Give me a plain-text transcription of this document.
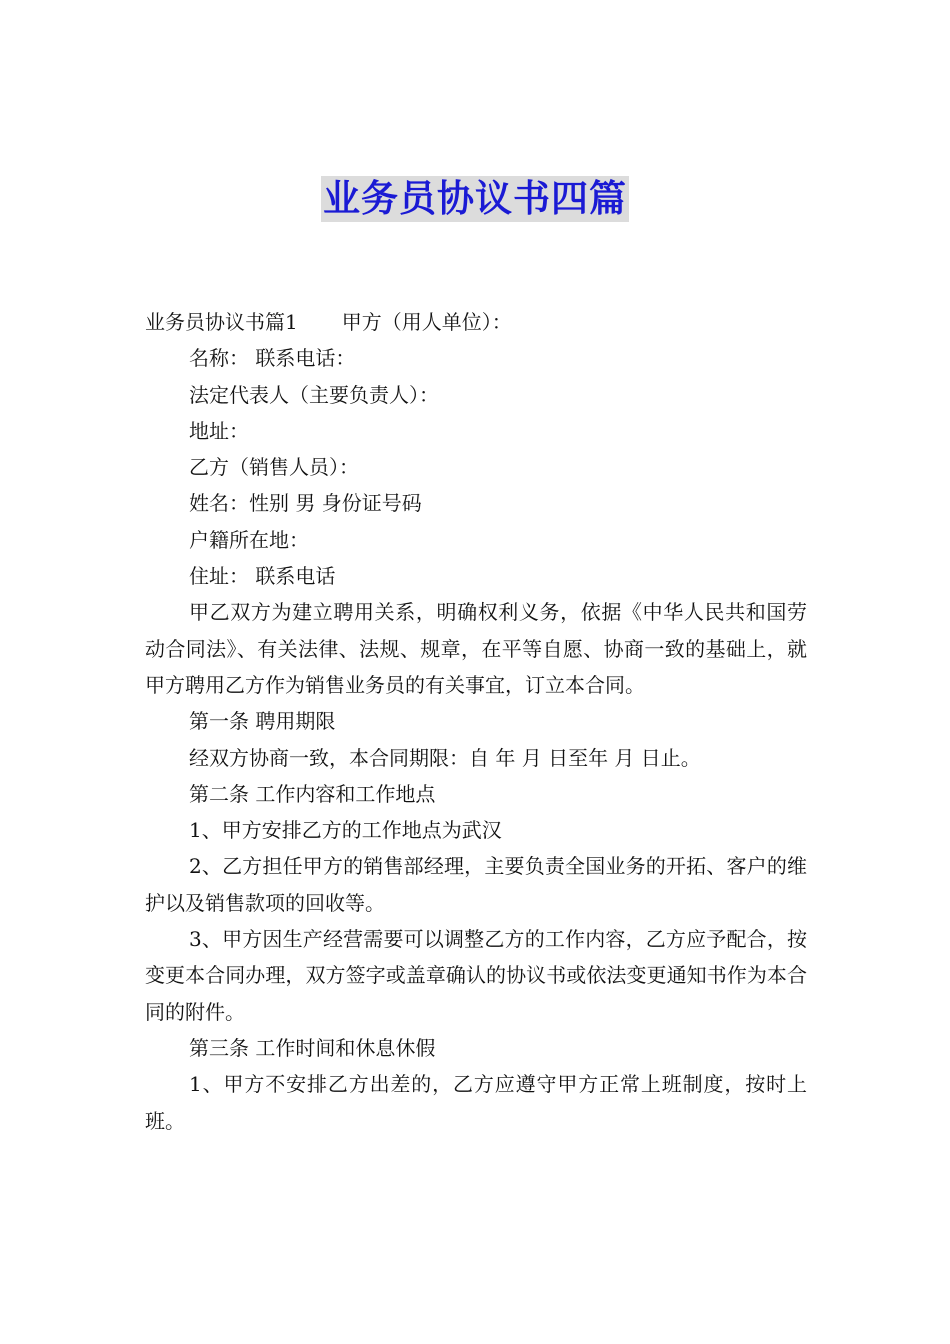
业务员协议书四篇

业务员协议书篇1 甲方（用人单位）：

名称： 联系电话：

法定代表人（主要负责人）：

地址：

乙方（销售人员）：

姓名：性别 男 身份证号码

户籍所在地：

住址： 联系电话

甲乙双方为建立聘用关系，明确权利义务，依据《中华人民共和国劳动合同法》、有关法律、法规、规章，在平等自愿、协商一致的基础上，就甲方聘用乙方作为销售业务员的有关事宜，订立本合同。

第一条 聘用期限

经双方协商一致，本合同期限：自 年 月 日至年 月 日止。

第二条 工作内容和工作地点

1、甲方安排乙方的工作地点为武汉

2、乙方担任甲方的销售部经理，主要负责全国业务的开拓、客户的维护以及销售款项的回收等。

3、甲方因生产经营需要可以调整乙方的工作内容，乙方应予配合，按变更本合同办理，双方签字或盖章确认的协议书或依法变更通知书作为本合同的附件。

第三条 工作时间和休息休假

1、甲方不安排乙方出差的，乙方应遵守甲方正常上班制度，按时上班。
